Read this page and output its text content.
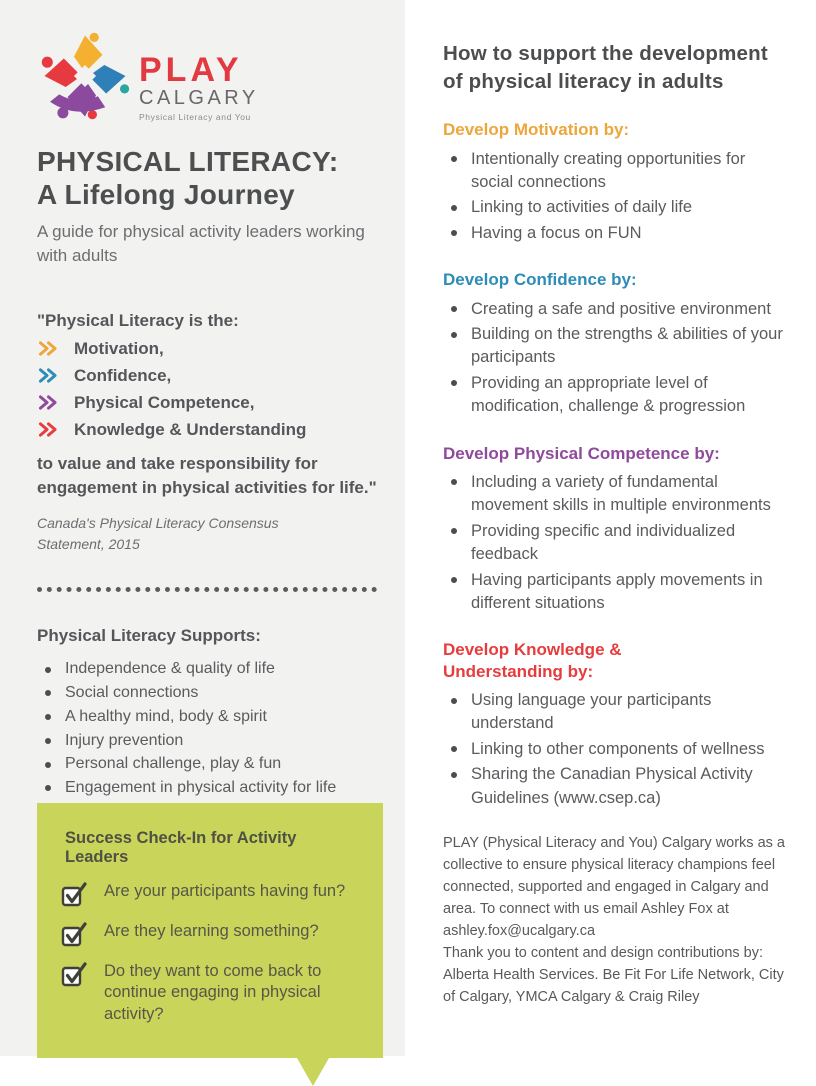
PLAY
CALGARY
Physical Literacy and You
PHYSICAL LITERACY:
A Lifelong Journey

A guide for physical activity leaders working with adults

"Physical Literacy is the:
Motivation,
Confidence,
Physical Competence,
Knowledge & Understanding
to value and take responsibility for engagement in physical activities for life."
Canada's Physical Literacy Consensus Statement, 2015
Physical Literacy Supports:
Independence & quality of life
Social connections
A healthy mind, body & spirit
Injury prevention
Personal challenge, play & fun
Engagement in physical activity for life
Success Check-In for Activity Leaders
Are your participants having fun?
Are they learning something?
Do they want to come back to continue engaging in physical activity?
How to support the development of physical literacy in adults
Develop Motivation by:
Intentionally creating opportunities for social connections
Linking to activities of daily life
Having a focus on FUN
Develop Confidence by:
Creating a safe and positive environment
Building on the strengths & abilities of your participants
Providing an appropriate level of modification, challenge & progression
Develop Physical Competence by:
Including a variety of fundamental movement skills in multiple environments
Providing specific and individualized feedback
Having participants apply movements in different situations
Develop Knowledge & Understanding by:
Using language your participants understand
Linking to other components of wellness
Sharing the Canadian Physical Activity Guidelines (www.csep.ca)
PLAY (Physical Literacy and You) Calgary works as a collective to ensure physical literacy champions feel connected, supported and engaged in Calgary and area. To connect with us email Ashley Fox at ashley.fox@ucalgary.ca
Thank you to content and design contributions by: Alberta Health Services. Be Fit For Life Network, City of Calgary, YMCA Calgary & Craig Riley
